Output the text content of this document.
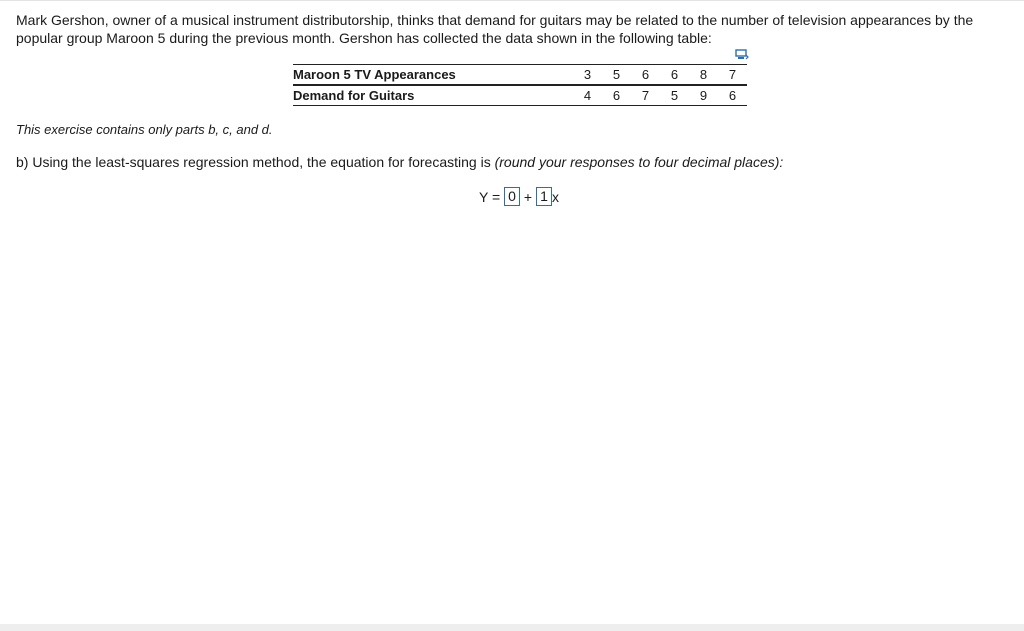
Mark Gershon, owner of a musical instrument distributorship, thinks that demand for guitars may be related to the number of television appearances by the popular group Maroon 5 during the previous month. Gershon has collected the data shown in the following table:

Maroon 5 TV Appearances	3	5	6	6	8	7
Demand for Guitars	4	6	7	5	9	6

This exercise contains only parts b, c, and d.

b) Using the least-squares regression method, the equation for forecasting is (round your responses to four decimal places):

Y = 0 + 1 x
